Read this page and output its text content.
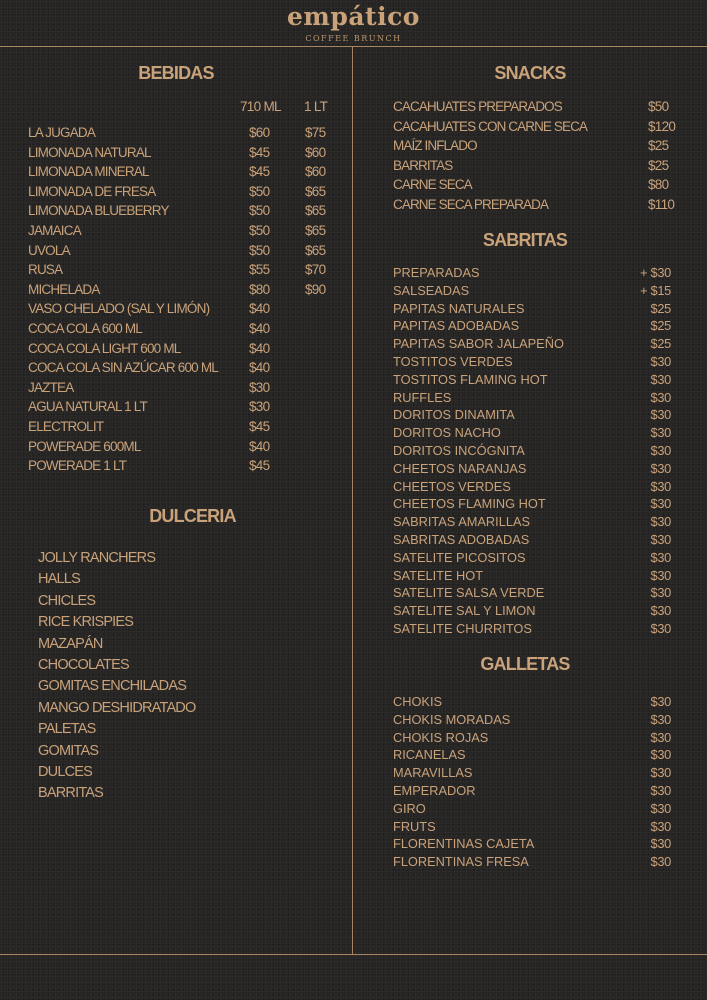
empático
COFFEE BRUNCH
BEBIDAS
710 ML 1 LT
LA JUGADA	$60	$75
LIMONADA NATURAL	$45	$60
LIMONADA MINERAL	$45	$60
LIMONADA DE FRESA	$50	$65
LIMONADA BLUEBERRY	$50	$65
JAMAICA	$50	$65
UVOLA	$50	$65
RUSA	$55	$70
MICHELADA	$80	$90
VASO CHELADO (SAL Y LIMÓN)	$40
COCA COLA 600 ML	$40
COCA COLA LIGHT 600 ML	$40
COCA COLA SIN AZÚCAR 600 ML $40
JAZTEA	$30
AGUA NATURAL 1 LT	$30
ELECTROLIT	$45
POWERADE 600ML	$40
POWERADE 1 LT	$45
DULCERIA
JOLLY RANCHERS
HALLS
CHICLES
RICE KRISPIES
MAZAPÁN
CHOCOLATES
GOMITAS ENCHILADAS
MANGO DESHIDRATADO
PALETAS
GOMITAS
DULCES
BARRITAS
SNACKS
CACAHUATES PREPARADOS	$50
CACAHUATES CON CARNE SECA	$120
MAÍZ INFLADO	$25
BARRITAS	$25
CARNE SECA	$80
CARNE SECA PREPARADA	$110
SABRITAS
PREPARADAS	+ $30
SALSEADAS	+ $15
PAPITAS NATURALES	$25
PAPITAS ADOBADAS	$25
PAPITAS SABOR JALAPEÑO	$25
TOSTITOS VERDES	$30
TOSTITOS FLAMING HOT	$30
RUFFLES	$30
DORITOS DINAMITA	$30
DORITOS NACHO	$30
DORITOS INCÓGNITA	$30
CHEETOS NARANJAS	$30
CHEETOS VERDES	$30
CHEETOS FLAMING HOT	$30
SABRITAS AMARILLAS	$30
SABRITAS ADOBADAS	$30
SATELITE PICOSITOS	$30
SATELITE HOT	$30
SATELITE SALSA VERDE	$30
SATELITE SAL Y LIMON	$30
SATELITE CHURRITOS	$30
GALLETAS
CHOKIS	$30
CHOKIS MORADAS	$30
CHOKIS ROJAS	$30
RICANELAS	$30
MARAVILLAS	$30
EMPERADOR	$30
GIRO	$30
FRUTS	$30
FLORENTINAS CAJETA	$30
FLORENTINAS FRESA	$30
